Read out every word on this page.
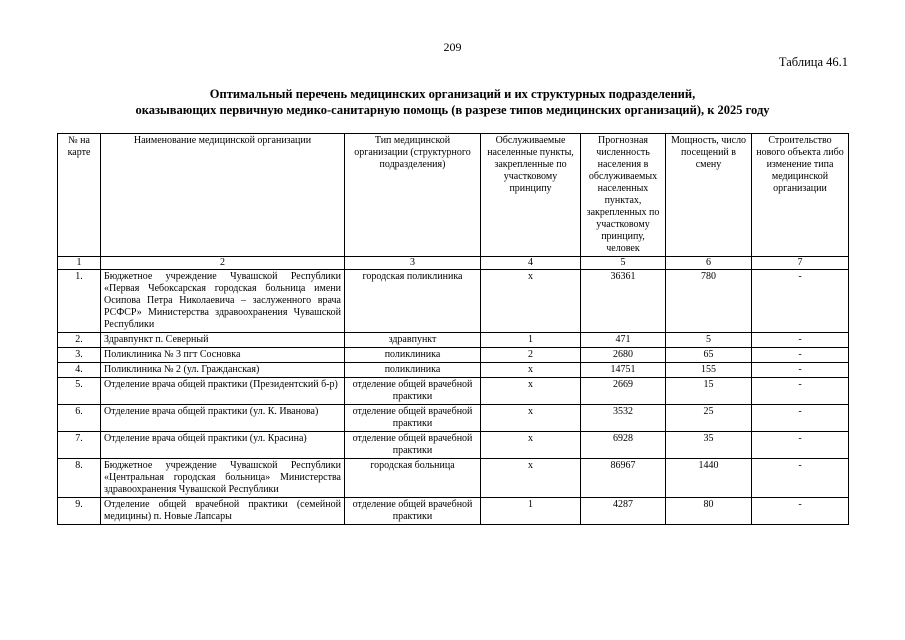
209
Таблица 46.1
Оптимальный перечень медицинских организаций и их структурных подразделений,
оказывающих первичную медико-санитарную помощь (в разрезе типов медицинских организаций), к 2025 году
№ на карте	Наименование медицинской организации	Тип медицинской организации (структурного подразделения)	Обслуживаемые населенные пункты, закрепленные по участковому принципу	Прогнозная численность населения в обслуживаемых населенных пунктах, закрепленных по участковому принципу, человек	Мощность, число посещений в смену	Строительство нового объекта либо изменение типа медицинской организации
1	2	3	4	5	6	7
1.	Бюджетное учреждение Чувашской Республики «Первая Чебоксарская городская больница имени Осипова Петра Николаевича – заслуженного врача РСФСР» Министерства здравоохранения Чувашской Республики	городская поликлиника	х	36361	780	-
2.	Здравпункт п. Северный	здравпункт	1	471	5	-
3.	Поликлиника № 3 пгт Сосновка	поликлиника	2	2680	65	-
4.	Поликлиника № 2 (ул. Гражданская)	поликлиника	х	14751	155	-
5.	Отделение врача общей практики (Президентский б-р)	отделение общей врачебной практики	х	2669	15	-
6.	Отделение врача общей практики (ул. К. Иванова)	отделение общей врачебной практики	х	3532	25	-
7.	Отделение врача общей практики (ул. Красина)	отделение общей врачебной практики	х	6928	35	-
8.	Бюджетное учреждение Чувашской Республики «Центральная городская больница» Министерства здравоохранения Чувашской Республики	городская больница	х	86967	1440	-
9.	Отделение общей врачебной практики (семейной медицины) п. Новые Лапсары	отделение общей врачебной практики	1	4287	80	-
